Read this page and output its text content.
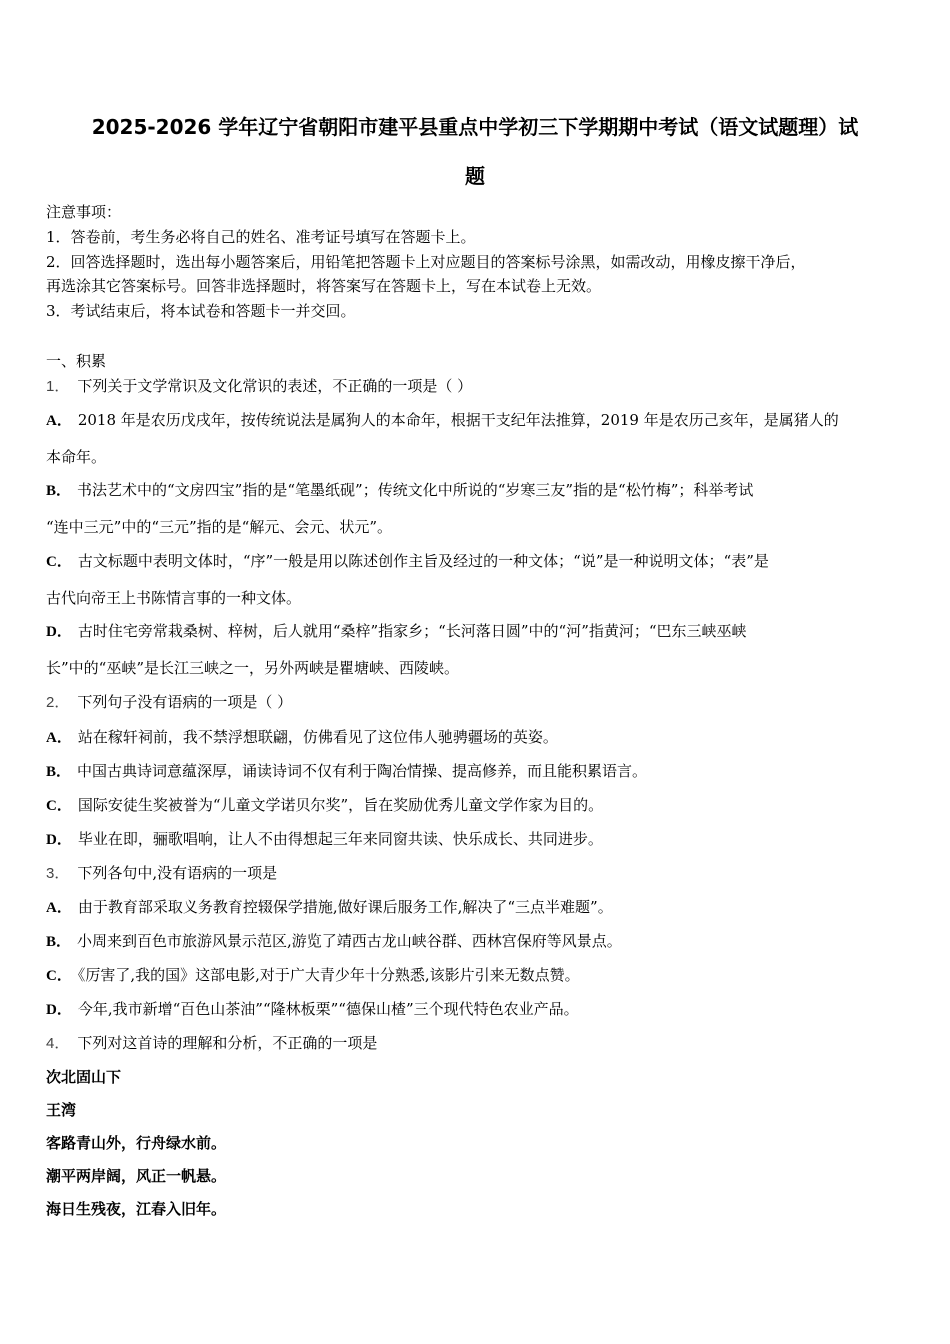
2025-2026 学年辽宁省朝阳市建平县重点中学初三下学期期中考试（语文试题理）试
题
注意事项：
1．答卷前，考生务必将自己的姓名、准考证号填写在答题卡上。
2．回答选择题时，选出每小题答案后，用铅笔把答题卡上对应题目的答案标号涂黑，如需改动，用橡皮擦干净后，
再选涂其它答案标号。回答非选择题时，将答案写在答题卡上，写在本试卷上无效。
3．考试结束后，将本试卷和答题卡一并交回。
一、积累
1． 下列关于文学常识及文化常识的表述，不正确的一项是（ ）
A． 2018 年是农历戊戌年，按传统说法是属狗人的本命年，根据干支纪年法推算，2019 年是农历己亥年，是属猪人的
本命年。
B． 书法艺术中的“文房四宝”指的是“笔墨纸砚”；传统文化中所说的“岁寒三友”指的是“松竹梅”；科举考试
“连中三元”中的“三元”指的是“解元、会元、状元”。
C． 古文标题中表明文体时，“序”一般是用以陈述创作主旨及经过的一种文体；“说”是一种说明文体；“表”是
古代向帝王上书陈情言事的一种文体。
D． 古时住宅旁常栽桑树、梓树，后人就用“桑梓”指家乡；“长河落日圆”中的“河”指黄河；“巴东三峡巫峡
长”中的“巫峡”是长江三峡之一，另外两峡是瞿塘峡、西陵峡。
2． 下列句子没有语病的一项是（ ）
A． 站在稼轩祠前，我不禁浮想联翩，仿佛看见了这位伟人驰骋疆场的英姿。
B． 中国古典诗词意蕴深厚，诵读诗词不仅有利于陶冶情操、提高修养，而且能积累语言。
C． 国际安徒生奖被誉为“儿童文学诺贝尔奖”，旨在奖励优秀儿童文学作家为目的。
D． 毕业在即，骊歌唱响，让人不由得想起三年来同窗共读、快乐成长、共同进步。
3． 下列各句中,没有语病的一项是
A． 由于教育部采取义务教育控辍保学措施,做好课后服务工作,解决了“三点半难题”。
B． 小周来到百色市旅游风景示范区,游览了靖西古龙山峡谷群、西林宫保府等风景点。
C． 《厉害了,我的国》这部电影,对于广大青少年十分熟悉,该影片引来无数点赞。
D． 今年,我市新增“百色山茶油”“隆林板栗”“德保山楂”三个现代特色农业产品。
4． 下列对这首诗的理解和分析，不正确的一项是
次北固山下
王湾
客路青山外，行舟绿水前。
潮平两岸阔，风正一帆悬。
海日生残夜，江春入旧年。
